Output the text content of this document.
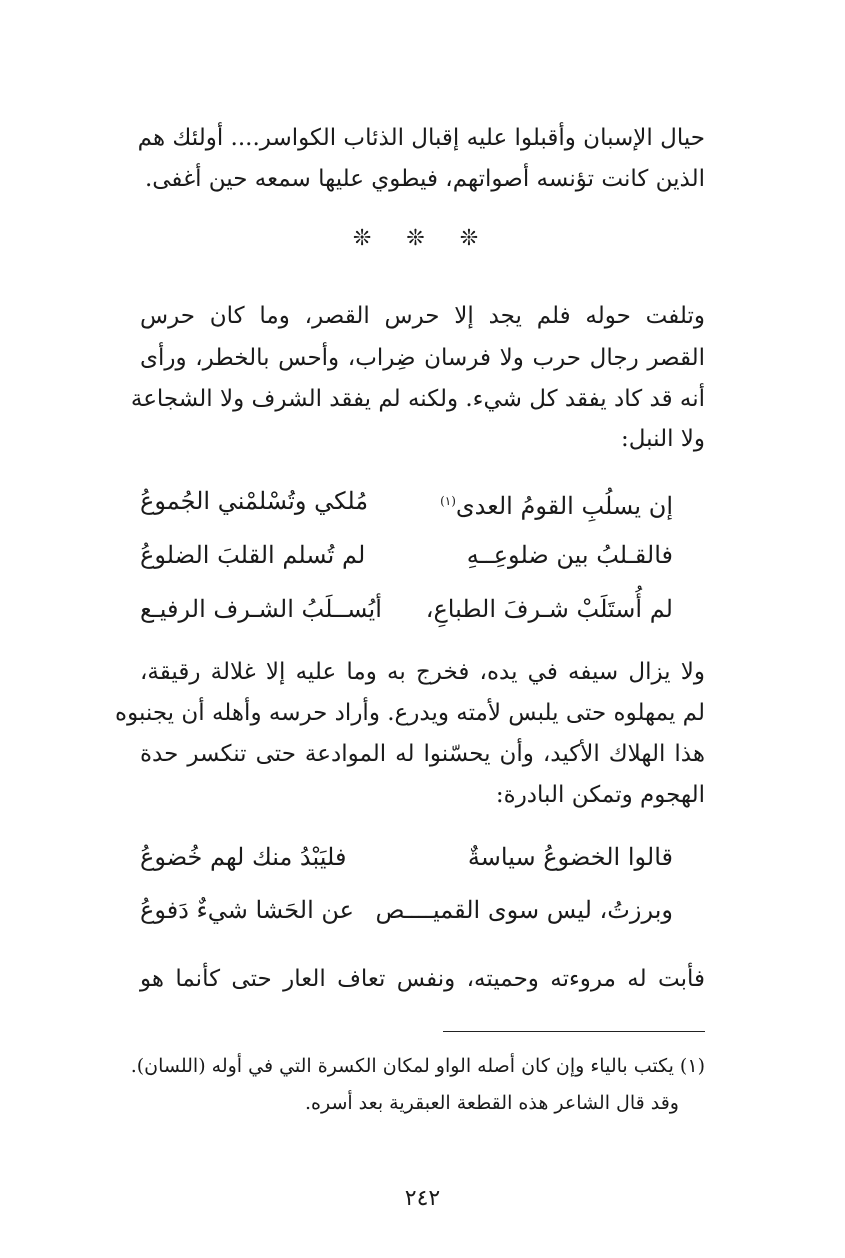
حيال الإسبان وأقبلوا عليه إقبال الذئاب الكواسر.... أولئك هم
الذين كانت تؤنسه أصواتهم، فيطوي عليها سمعه حين أغفى.
❊ ❊ ❊
وتلفت حوله فلم يجد إلا حرس القصر، وما كان حرس
القصر رجال حرب ولا فرسان ضِراب، وأحس بالخطر، ورأى
أنه قد كاد يفقد كل شيء. ولكنه لم يفقد الشرف ولا الشجاعة
ولا النبل:
إن يسلُبِ القومُ العدى$^{(١)}$
مُلكي وتُسْلمْني الجُموعُ
فالقـلبُ بين ضلوعِــهِ
لم تُسلم القلبَ الضلوعُ
لم أُستَلَبْ شـرفَ الطباعِ،
أيُســلَبُ الشـرف الرفيـع
ولا يزال سيفه في يده، فخرج به وما عليه إلا غلالة رقيقة،
لم يمهلوه حتى يلبس لأمته ويدرع. وأراد حرسه وأهله أن يجنبوه
هذا الهلاك الأكيد، وأن يحسّنوا له الموادعة حتى تنكسر حدة
الهجوم وتمكن البادرة:
قالوا الخضوعُ سياسةٌ
فليَبْدُ منك لهم خُضوعُ
وبرزتُ، ليس سوى القميــــص
عن الحَشا شيءٌ دَفوعُ
فأبت له مروءته وحميته، ونفس تعاف العار حتى كأنما هو
(١) يكتب بالياء وإن كان أصله الواو لمكان الكسرة التي في أوله (اللسان).
وقد قال الشاعر هذه القطعة العبقرية بعد أسره.
٢٤٢
